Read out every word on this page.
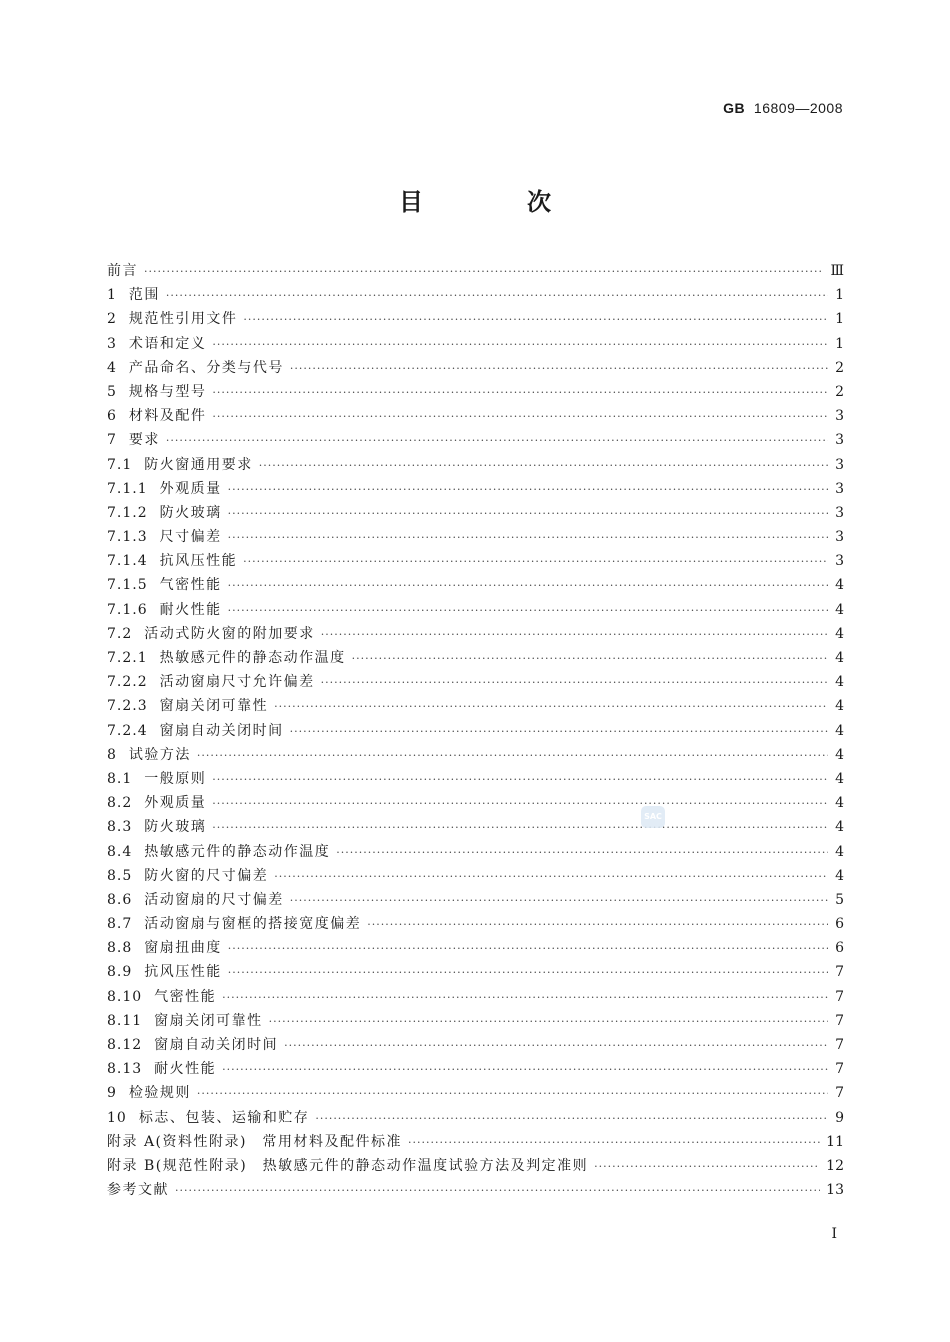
GB 16809—2008
目　次
前言 ·····	Ⅲ
1 范围 ·····	1
2 规范性引用文件 ·····	1
3 术语和定义 ·····	1
4 产品命名、分类与代号 ·····	2
5 规格与型号 ·····	2
6 材料及配件 ·····	3
7 要求 ·····	3
7.1 防火窗通用要求 ·····	3
7.1.1 外观质量 ·····	3
7.1.2 防火玻璃 ·····	3
7.1.3 尺寸偏差 ·····	3
7.1.4 抗风压性能 ·····	3
7.1.5 气密性能 ·····	4
7.1.6 耐火性能 ·····	4
7.2 活动式防火窗的附加要求 ·····	4
7.2.1 热敏感元件的静态动作温度 ·····	4
7.2.2 活动窗扇尺寸允许偏差 ·····	4
7.2.3 窗扇关闭可靠性 ·····	4
7.2.4 窗扇自动关闭时间 ·····	4
8 试验方法 ·····	4
8.1 一般原则 ·····	4
8.2 外观质量 ·····	4
8.3 防火玻璃 ·····	4
8.4 热敏感元件的静态动作温度 ·····	4
8.5 防火窗的尺寸偏差 ·····	4
8.6 活动窗扇的尺寸偏差 ·····	5
8.7 活动窗扇与窗框的搭接宽度偏差 ·····	6
8.8 窗扇扭曲度 ·····	6
8.9 抗风压性能 ·····	7
8.10 气密性能 ·····	7
8.11 窗扇关闭可靠性 ·····	7
8.12 窗扇自动关闭时间 ·····	7
8.13 耐火性能 ·····	7
9 检验规则 ·····	7
10 标志、包装、运输和贮存 ·····	9
附录 A(资料性附录)　常用材料及配件标准 ·····	11
附录 B(规范性附录)　热敏感元件的静态动作温度试验方法及判定准则 ·····	12
参考文献 ·····	13
SAC
Ⅰ
